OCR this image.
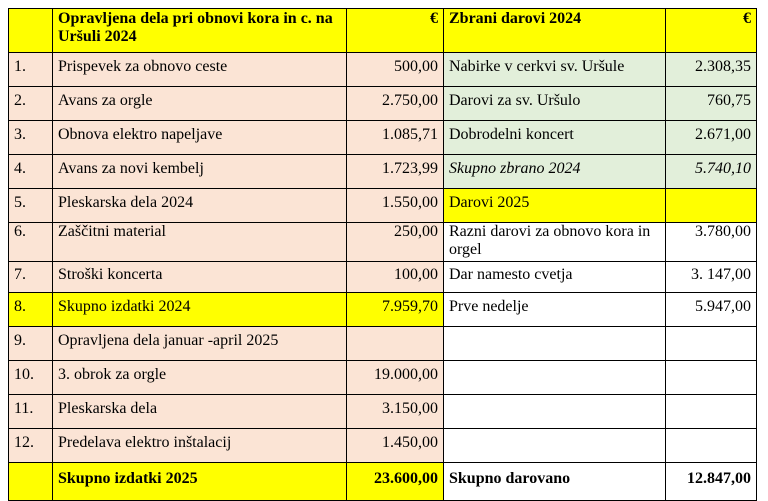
	Opravljena dela pri obnovi kora in c. na Uršuli 2024	€	Zbrani darovi 2024	€
1.	Prispevek za obnovo ceste	500,00	Nabirke v cerkvi sv. Uršule	2.308,35
2.	Avans za orgle	2.750,00	Darovi za sv. Uršulo	760,75
3.	Obnova elektro napeljave	1.085,71	Dobrodelni koncert	2.671,00
4.	Avans za novi kembelj	1.723,99	Skupno zbrano 2024	5.740,10
5.	Pleskarska dela 2024	1.550,00	Darovi 2025	
6.	Zaščitni material	250,00	Razni darovi za obnovo kora in orgel	3.780,00
7.	Stroški koncerta	100,00	Dar namesto cvetja	3. 147,00
8.	Skupno izdatki 2024	7.959,70	Prve nedelje	5.947,00
9.	Opravljena dela januar -april 2025			
10.	3. obrok za orgle	19.000,00		
11.	Pleskarska dela	3.150,00		
12.	Predelava elektro inštalacij	1.450,00		
	Skupno izdatki 2025	23.600,00	Skupno darovano	12.847,00
